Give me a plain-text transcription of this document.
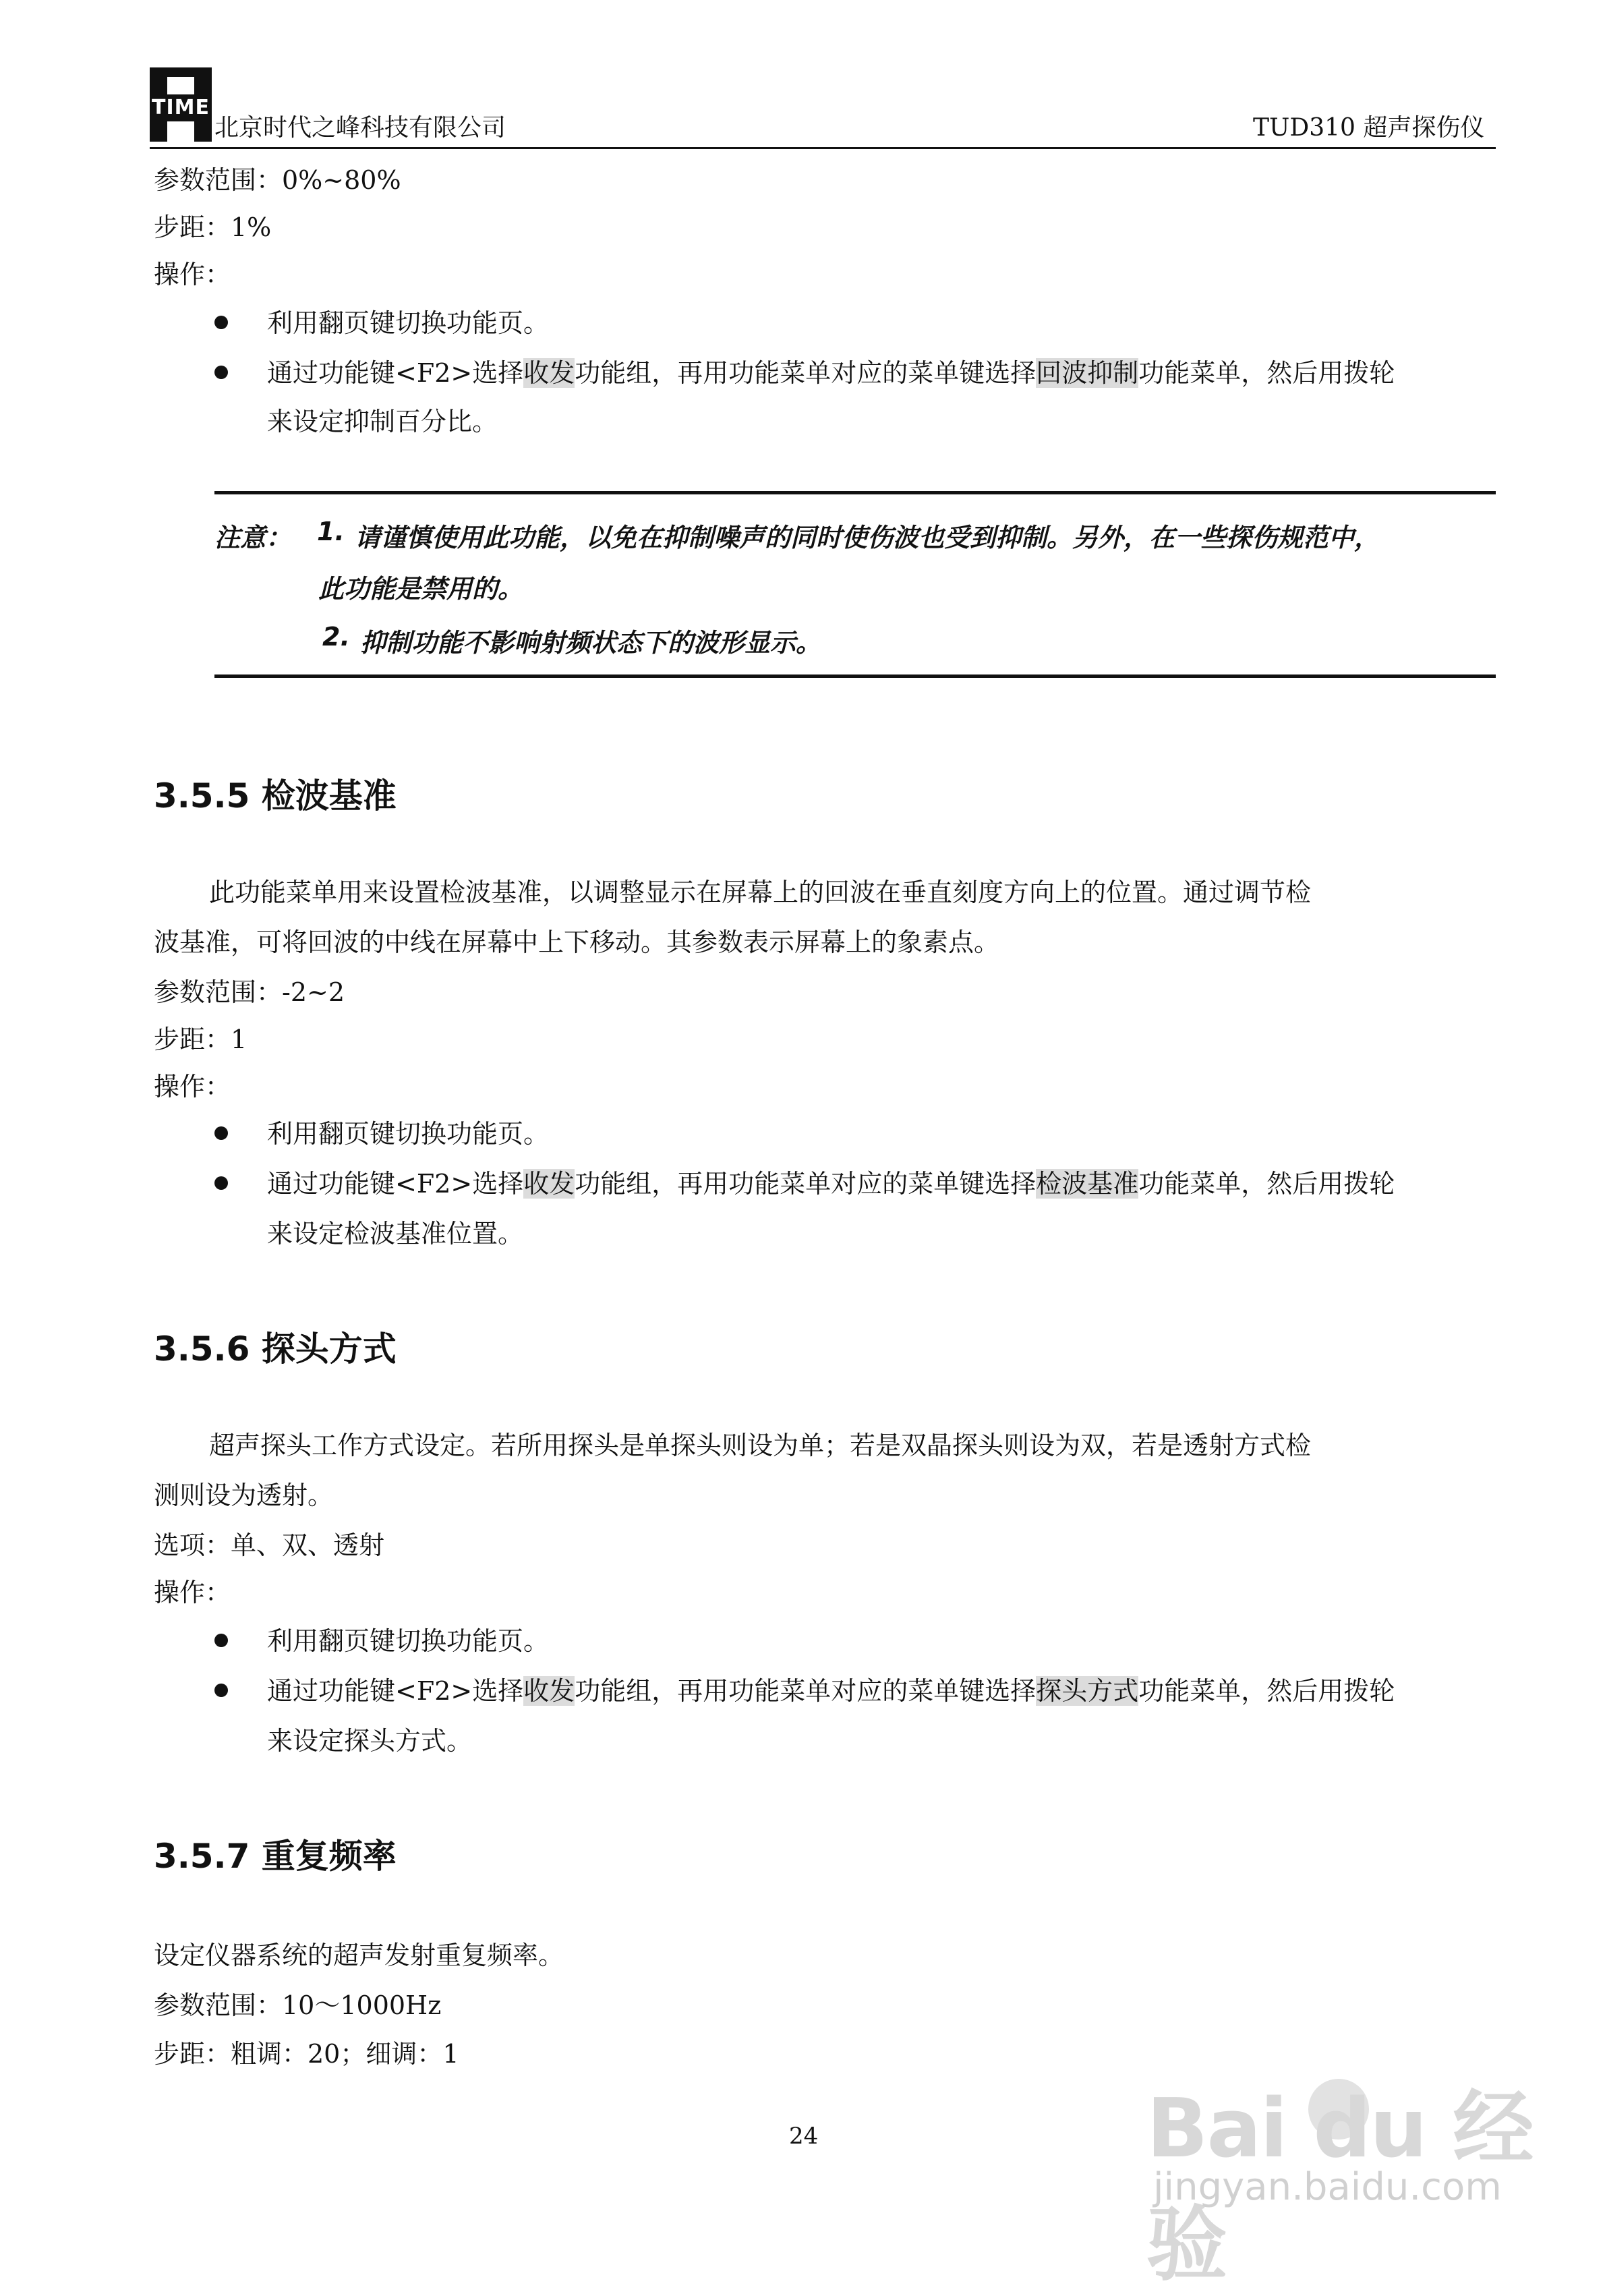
TIME
北京时代之峰科技有限公司	TUD310 超声探伤仪
参数范围：0%~80%
步距：1%
操作：
利用翻页键切换功能页。
通过功能键<F2>选择收发功能组，再用功能菜单对应的菜单键选择回波抑制功能菜单，然后用拨轮
来设定抑制百分比。
注意： 1. 请谨慎使用此功能，以免在抑制噪声的同时使伤波也受到抑制。另外，在一些探伤规范中，
此功能是禁用的。
2. 抑制功能不影响射频状态下的波形显示。
3.5.5 检波基准
此功能菜单用来设置检波基准，以调整显示在屏幕上的回波在垂直刻度方向上的位置。通过调节检
波基准，可将回波的中线在屏幕中上下移动。其参数表示屏幕上的象素点。
参数范围：-2~2
步距：1
操作：
利用翻页键切换功能页。
通过功能键<F2>选择收发功能组，再用功能菜单对应的菜单键选择检波基准功能菜单，然后用拨轮
来设定检波基准位置。
3.5.6 探头方式
超声探头工作方式设定。若所用探头是单探头则设为单；若是双晶探头则设为双，若是透射方式检
测则设为透射。
选项：单、双、透射
操作：
利用翻页键切换功能页。
通过功能键<F2>选择收发功能组，再用功能菜单对应的菜单键选择探头方式功能菜单，然后用拨轮
来设定探头方式。
3.5.7 重复频率
设定仪器系统的超声发射重复频率。
参数范围：10～1000Hz
步距：粗调：20；细调：1
24	Bai du 经验
jingyan.baidu.com
